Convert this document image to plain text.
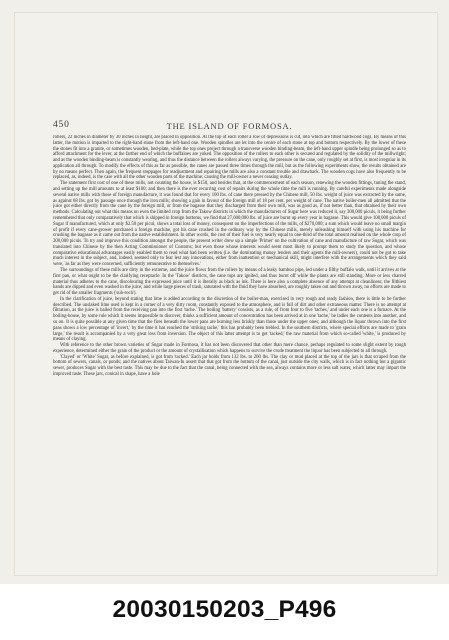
450	THE ISLAND OF FORMOSA.

rollers, 22 inches in diameter by 30 inches in height, are placed in opposition. At the top of each roller a row of depressions is cut, into which are fitted hardwood cogs. By means of this latter, the motion is imparted to the right-hand stone from the left-hand one. Wooden spindles are let into the centre of each stone at top and bottom respectively. By the lower of these the stones fit into a granite, or sometimes wooden, bed-plate, while the top ones project through a transverse wooden binding-beam, the left-hand upper spindle being prolonged so as to afford attachment for the lever, at the farther end of which the buffaloes are yoked. The opposition of the rollers to each other is secured and regulated by the solidity of the millwright; and as the wooden binding-beam is constantly wearing, and thus the distance between the rollers always varying, the pressure on the cane, only roughly set at first, is most irregular in its application all through. To modify the effects of this as far as possible, the canes are passed three times through the mill, but as the following experiments show, the results obtained are by no means perfect. Then again, the frequent stoppages for readjustment and repairing the mills are also a constant trouble and drawback. The wooden cogs have also frequently to be replaced, as, indeed, is the case with all the other wooden parts of the machine; causing the mill-owner a never ceasing outlay.

The statement first cost of one of these mills, not counting the house, is $150, and besides that, at the commencement of each season, renewing the wooden fittings, tuning the stand, and setting up the mill amounts to at least $100; and then there is the ever recurring cost of repairs during the whole time the mill is running. By careful experiments made alongside several native mills with those of foreign manufacture, it was found that for every 100 lbs. of cane there pressed by the Chinese mill, 50 lbs. weight of juice was extracted by the same, as against 68 lbs. got by passage once through the iron mills; showing a gain in favour of the foreign mill of 18 per cent. per weight of cane. The native boiler-men all admitted that the juice got either directly from the cane by the foreign mill, or from the bagasse that they discharged from their own mill, was as good as, if not better than, that obtained by their own methods. Calculating out what this means on even the limited crop from the Takow districts in which the manufacturers of Sugar here was reduced it, say 300,000 piculs, it being further remembered that only comparatively that which is shipped in foreign bottoms, we find that 27,000,000 lbs. of juice are burnt up every year in bagasse. This would give 108,000 piculs of Sugar if manufactured, which at only $2.50 per picul, shows a total loss of money, consequent on the imperfections of the mills, of $270,000; a sum which would leave no small margin of profit if every cane-grower purchased a foreign machine, got his cane crushed in the ordinary way by the Chinese mills, merely unleashing himself with using his machine for crushing the bagasse as it came out from the native establishment. In other words, the cost of their fuel is very nearly equal to one-third of the total amount realised on the whole crop of 300,000 piculs. To try and improve this condition amongst the people, the present writer drew up a simple 'Primer' on the cultivation of cane and manufacture of raw Sugar, which was translated into Chinese by the then Acting Commissioner of Customs; but even those whose interests would seem most likely to prompt them to study the question, and whose comparative educational advantages easily enabled them to read what had been written (i.e. the dominating money lenders and their agents the mill-owners), could not be got to take much interest in the subject, and, indeed, seemed only to fear lest any innovations, either from inattention or mechanical skill, might interfere with the arrangements which they said were, 'as far as they were concerned, sufficiently remunerative to themselves.'

The surroundings of these mills are dirty in the extreme, and the juice flows from the rollers by means of a leaky bamboo pipe, led under a filthy buffalo walk, until it arrives at the first pan, or what ought to be the clarifying receptacle. In the 'Takow' districts, the cane tops are ignited, and thus burnt off while the plants are still standing. More or less charred material thus adheres to the cane, discolouring the expressed juice until it is literally as black as ink. There is here also a complete absence of any attempt at cleanliness; the filthiest hands are dipped and even washed in the juice; and while large pieces of trash, saturated with the fluid they have absorbed, are roughly taken out and thrown away, no efforts are made to get rid of the smaller fragments ('sub-roch').

In the clarification of juice, beyond stating that lime is added according to the discretion of the boiler-man, exercised in very rough and ready fashion, there is little to be further described. The unslaked lime used is kept in a corner of a very dirty room, constantly exposed to the atmosphere, and is full of dirt and other extraneous matter. There is no attempt at filtration, as the juice is bailed from the receiving pan into the first 'tache.' The boiling 'battery' consists, as a rule, of from four to five 'taches,' and under each one is a furnace. At the boiling-house, by some rule which it seems impossible to discover, thinks a sufficient amount of concentration has been arrived at in one 'tache,' he ladles the contents into another, and so on. It is quite possible at any given time that the fires beneath the lower pans are burning less briskly than those under the upper ones; and although the liquor thrown into the first pans shows a low percentage of 'invert,' by the time it has reached the 'striking tache,' this has probably been trebled. In the southern districts, where special efforts are made to 'grain large,' the result is accompanied by a very great loss from inversion. The object of this latter attempt is to get 'tacked,' the raw material from which so-called 'white,' is produced by means of claying.

With reference to the other brown varieties of Sugar made in Formosa, it has not been discovered that other than mere chance, perhaps regulated to some slight extent by rough experience, determined either the grain of the product or the amount of crystallisation which happens to survive the crude treatment the liquor has been subjected to all through.

'Clayed' or 'White' Sugar, as before explained, is got from 'tacked.' Each jar holds from 132 lbs. to 200 lbs. The clay or mud placed at the top of the jars is that scraped from the bottom of sewers, canals, or ponds; and the natives about Taiwan-fu assert that that got from the bottom of the canal, just outside the city walls, which is in fact nothing but a gigantic sewer, produces Sugar with the best taste. This may be due to the fact that the canal, being connected with the sea, always contains more or less salt water, which latter may impart the improved taste. These jars, conical in shape, have a hole

20030150203_P496
